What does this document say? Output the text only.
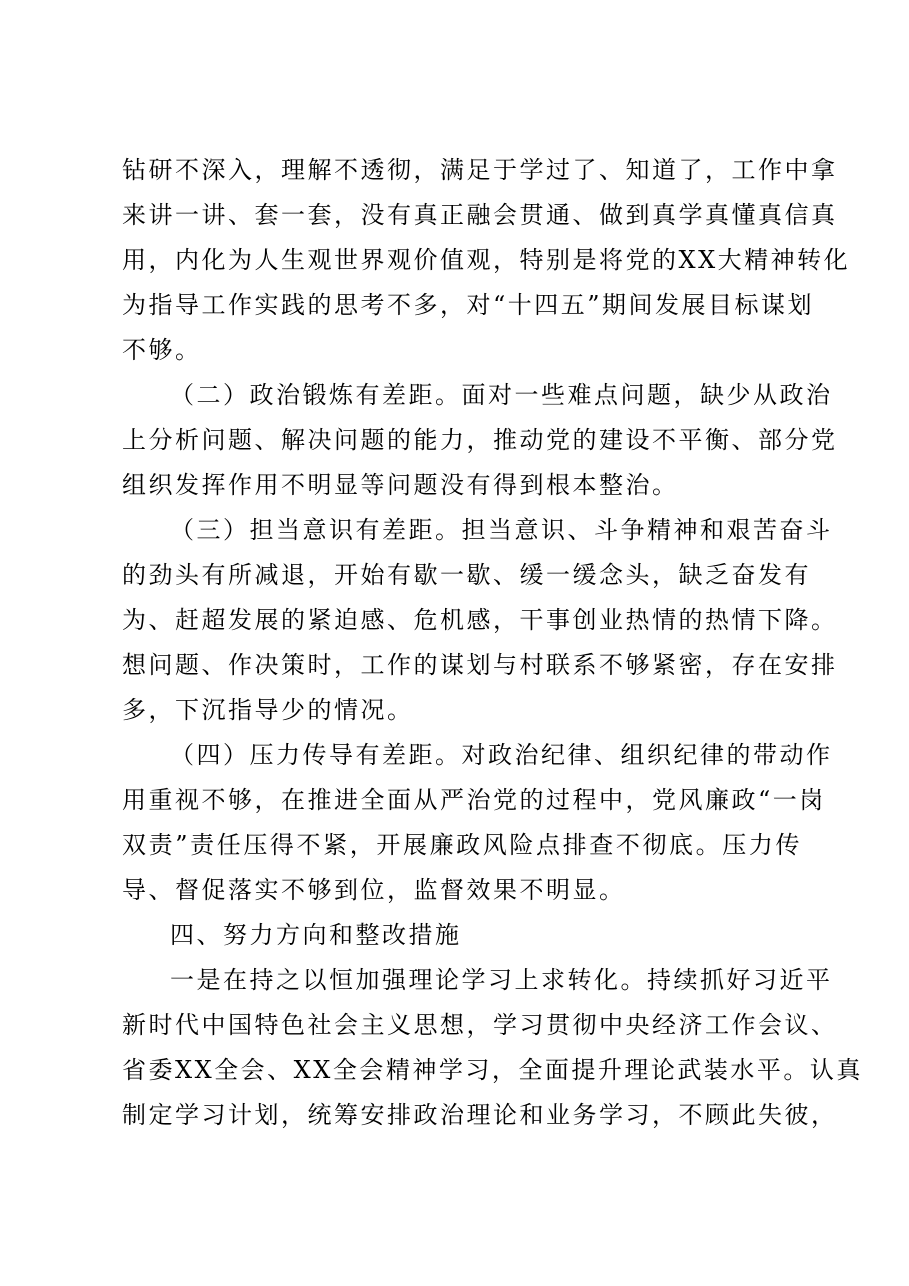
钻研不深入，理解不透彻，满足于学过了、知道了，工作中拿
来讲一讲、套一套，没有真正融会贯通、做到真学真懂真信真
用，内化为人生观世界观价值观，特别是将党的XX大精神转化
为指导工作实践的思考不多，对“十四五”期间发展目标谋划
不够。
（二）政治锻炼有差距。面对一些难点问题，缺少从政治
上分析问题、解决问题的能力，推动党的建设不平衡、部分党
组织发挥作用不明显等问题没有得到根本整治。
（三）担当意识有差距。担当意识、斗争精神和艰苦奋斗
的劲头有所减退，开始有歇一歇、缓一缓念头，缺乏奋发有
为、赶超发展的紧迫感、危机感，干事创业热情的热情下降。
想问题、作决策时，工作的谋划与村联系不够紧密，存在安排
多，下沉指导少的情况。
（四）压力传导有差距。对政治纪律、组织纪律的带动作
用重视不够，在推进全面从严治党的过程中，党风廉政“一岗
双责”责任压得不紧，开展廉政风险点排查不彻底。压力传
导、督促落实不够到位，监督效果不明显。
四、努力方向和整改措施
一是在持之以恒加强理论学习上求转化。持续抓好习近平
新时代中国特色社会主义思想，学习贯彻中央经济工作会议、
省委XX全会、XX全会精神学习，全面提升理论武装水平。认真
制定学习计划，统筹安排政治理论和业务学习，不顾此失彼，
